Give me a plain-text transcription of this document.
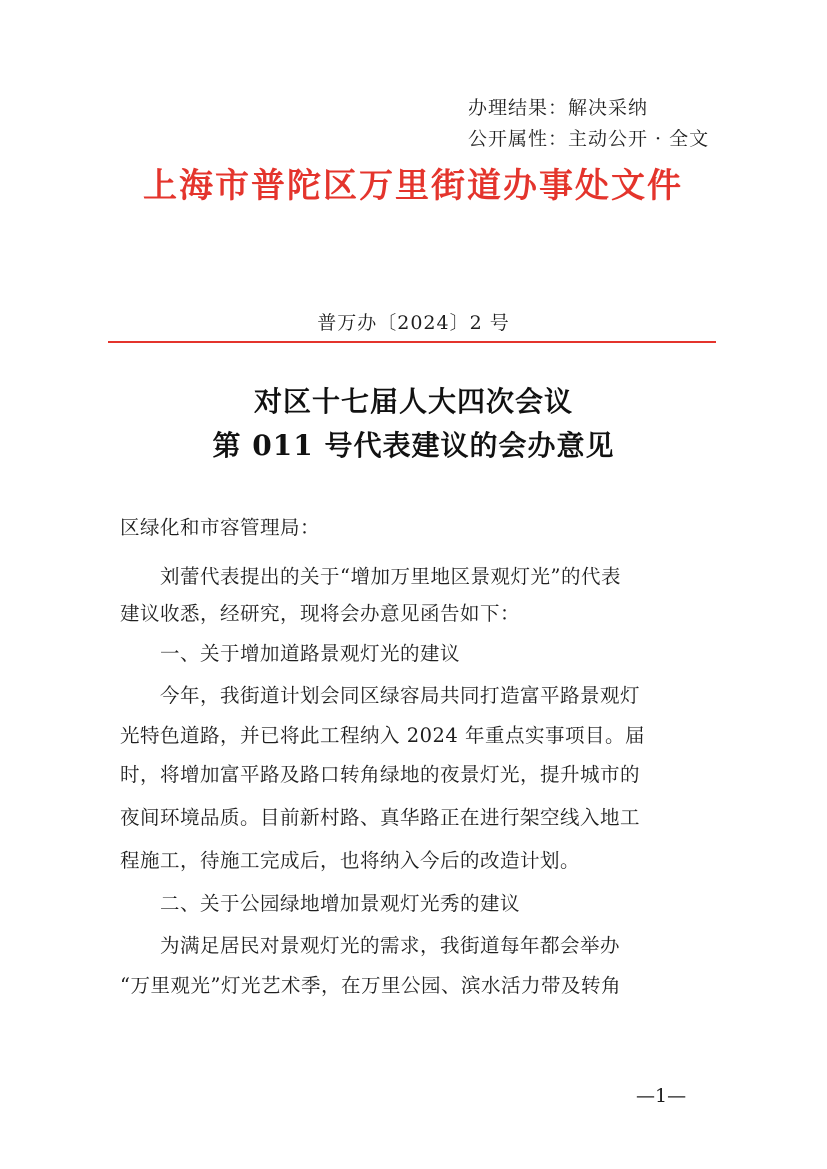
办理结果：解决采纳
公开属性：主动公开 · 全文
上海市普陀区万里街道办事处文件
普万办〔2024〕2 号
对区十七届人大四次会议
第 011 号代表建议的会办意见
区绿化和市容管理局：
　　刘蕾代表提出的关于“增加万里地区景观灯光”的代表
建议收悉，经研究，现将会办意见函告如下：
　　一、关于增加道路景观灯光的建议
　　今年，我街道计划会同区绿容局共同打造富平路景观灯
光特色道路，并已将此工程纳入 2024 年重点实事项目。届
时，将增加富平路及路口转角绿地的夜景灯光，提升城市的
夜间环境品质。目前新村路、真华路正在进行架空线入地工
程施工，待施工完成后，也将纳入今后的改造计划。
　　二、关于公园绿地增加景观灯光秀的建议
　　为满足居民对景观灯光的需求，我街道每年都会举办
“万里观光”灯光艺术季，在万里公园、滨水活力带及转角
—1—
